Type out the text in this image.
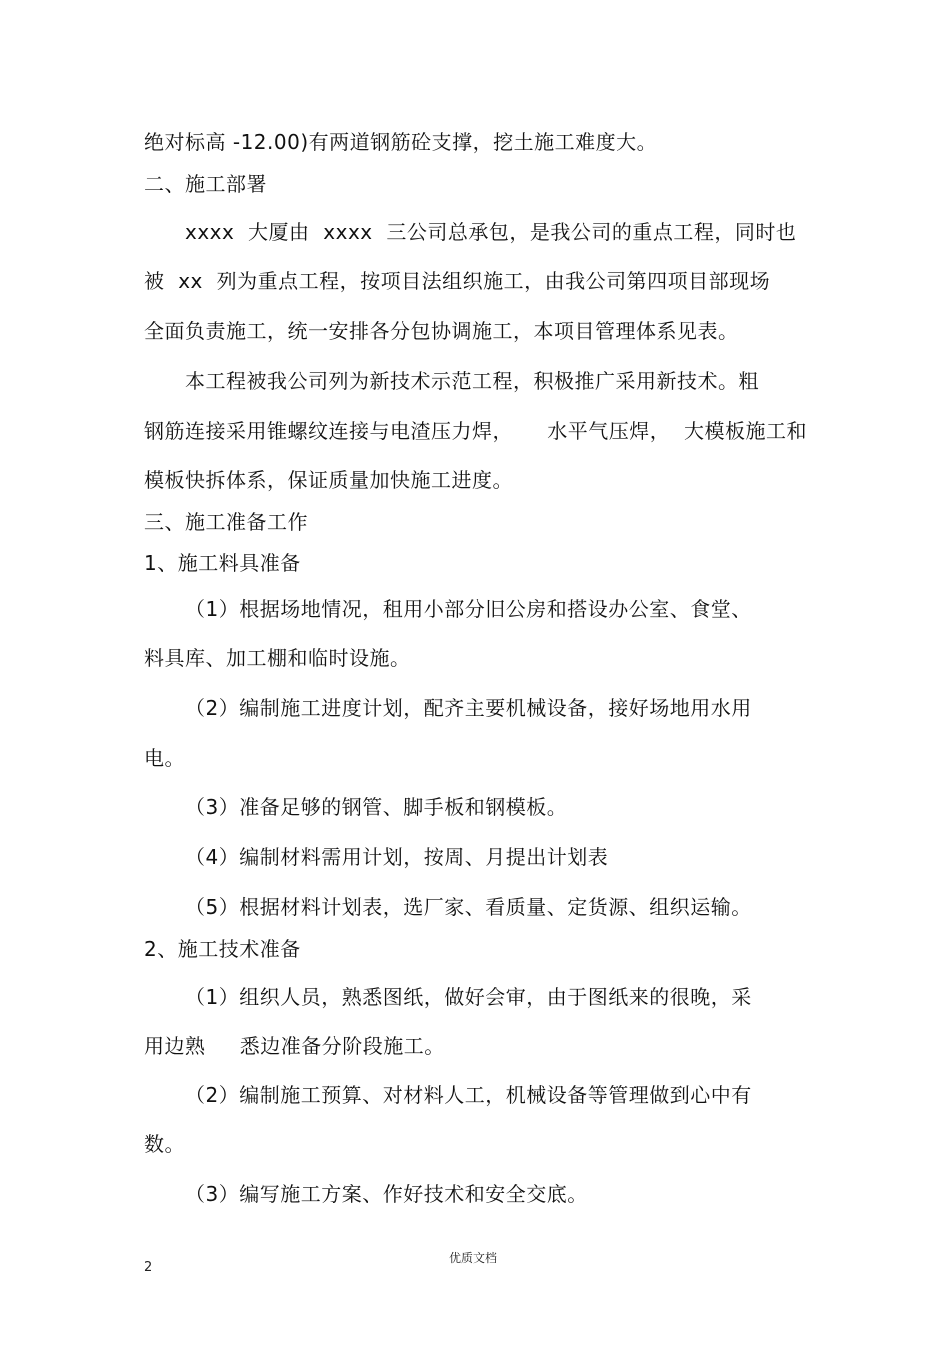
绝对标高 -12.00)有两道钢筋砼支撑，挖土施工难度大。
二、施工部署
xxxx  大厦由  xxxx  三公司总承包，是我公司的重点工程，同时也
被  xx  列为重点工程，按项目法组织施工，由我公司第四项目部现场
全面负责施工，统一安排各分包协调施工，本项目管理体系见表。
本工程被我公司列为新技术示范工程，积极推广采用新技术。粗
钢筋连接采用锥螺纹连接与电渣压力焊，     水平气压焊，  大模板施工和
模板快拆体系，保证质量加快施工进度。
三、施工准备工作
1、施工料具准备
（1）根据场地情况，租用小部分旧公房和搭设办公室、食堂、
料具库、加工棚和临时设施。
（2）编制施工进度计划，配齐主要机械设备，接好场地用水用
电。
（3）准备足够的钢管、脚手板和钢模板。
（4）编制材料需用计划，按周、月提出计划表
（5）根据材料计划表，选厂家、看质量、定货源、组织运输。
2、施工技术准备
（1）组织人员，熟悉图纸，做好会审，由于图纸来的很晚，采
用边熟     悉边准备分阶段施工。
（2）编制施工预算、对材料人工，机械设备等管理做到心中有
数。
（3）编写施工方案、作好技术和安全交底。
优质文档
2
